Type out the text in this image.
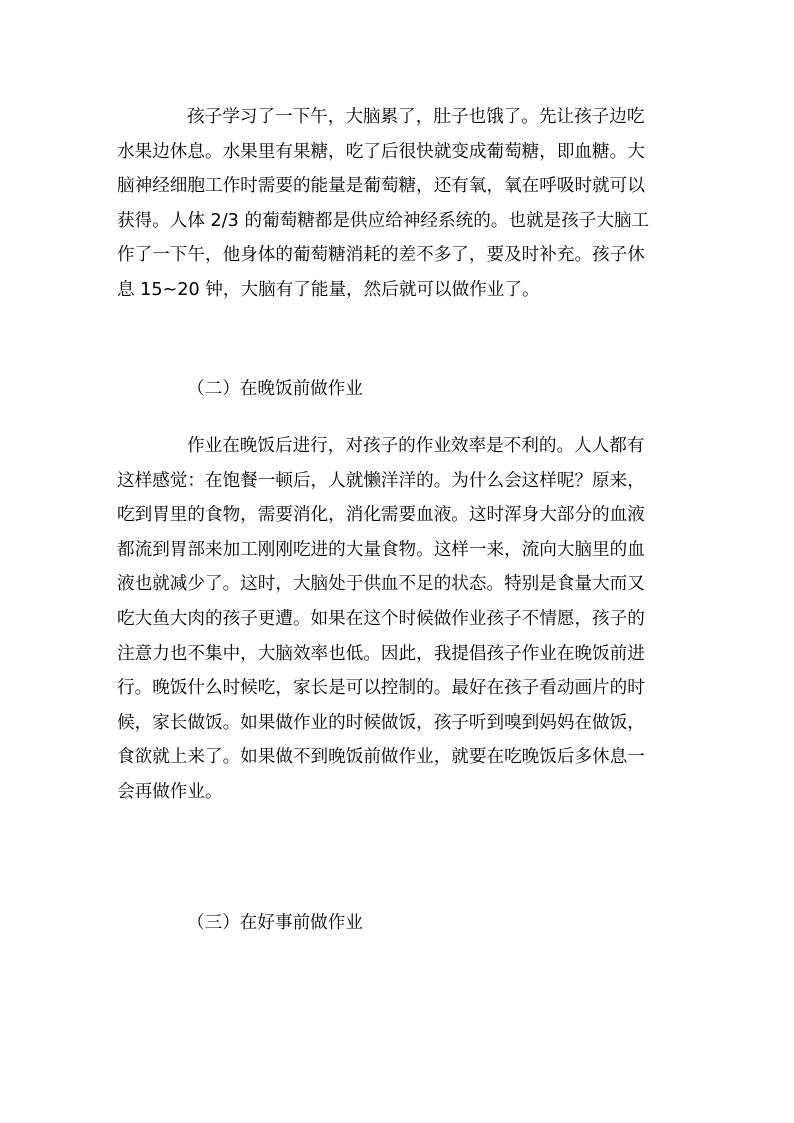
孩子学习了一下午，大脑累了，肚子也饿了。先让孩子边吃
水果边休息。水果里有果糖，吃了后很快就变成葡萄糖，即血糖。大
脑神经细胞工作时需要的能量是葡萄糖，还有氧，氧在呼吸时就可以
获得。人体 2/3 的葡萄糖都是供应给神经系统的。也就是孩子大脑工
作了一下午，他身体的葡萄糖消耗的差不多了，要及时补充。孩子休
息 15~20 钟，大脑有了能量，然后就可以做作业了。

（二）在晚饭前做作业

作业在晚饭后进行，对孩子的作业效率是不利的。人人都有
这样感觉：在饱餐一顿后，人就懒洋洋的。为什么会这样呢？原来，
吃到胃里的食物，需要消化，消化需要血液。这时浑身大部分的血液
都流到胃部来加工刚刚吃进的大量食物。这样一来，流向大脑里的血
液也就减少了。这时，大脑处于供血不足的状态。特别是食量大而又
吃大鱼大肉的孩子更遭。如果在这个时候做作业孩子不情愿，孩子的
注意力也不集中，大脑效率也低。因此，我提倡孩子作业在晚饭前进
行。晚饭什么时候吃，家长是可以控制的。最好在孩子看动画片的时
候，家长做饭。如果做作业的时候做饭，孩子听到嗅到妈妈在做饭，
食欲就上来了。如果做不到晚饭前做作业，就要在吃晚饭后多休息一
会再做作业。

（三）在好事前做作业
